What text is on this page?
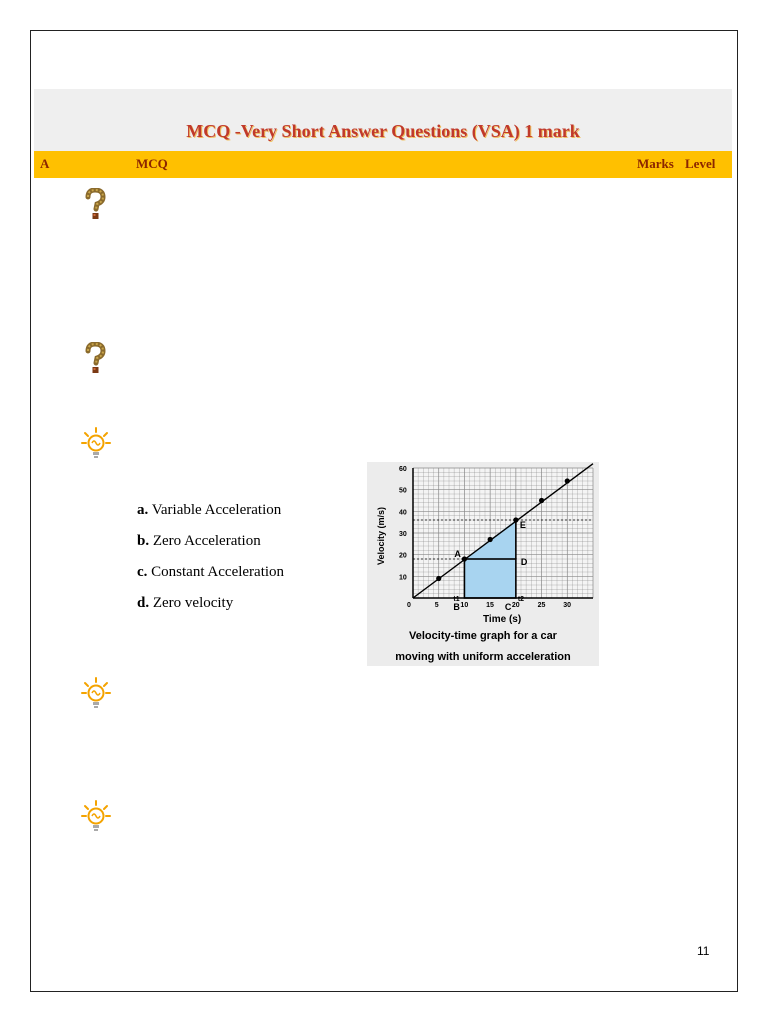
MCQ -Very Short Answer Questions (VSA) 1 mark
A	MCQ	Marks Level
a. Variable Acceleration
b. Zero Acceleration
c. Constant Acceleration
d. Zero velocity	5	10	15	20	25	30
10
20
30
40
50
60
0
A
E
D
B	C
t1	t2
Time (s)
Velocity (m/s)
Velocity-time graph for a car
moving with uniform acceleration
11
